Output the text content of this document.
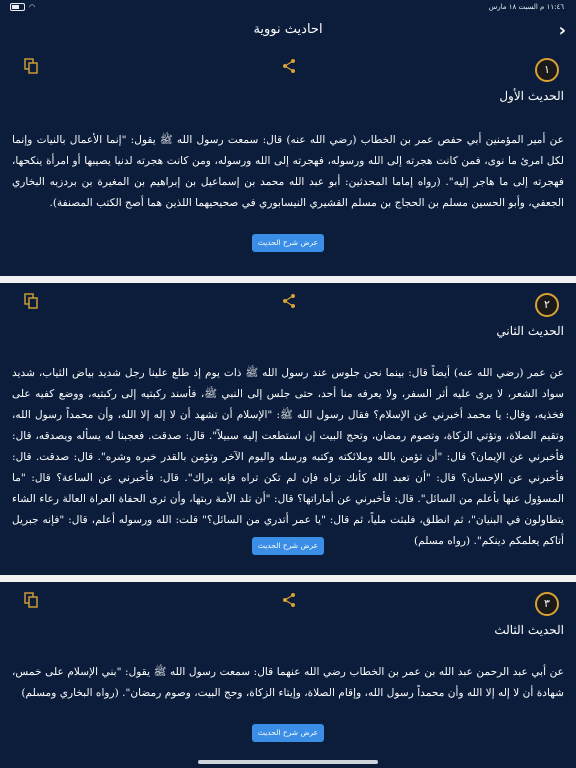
◠	١١:٤٦ م السبت ١٨ مارس
›
احاديث نووية
١
الحديث الأول
عن أمير المؤمنين أبي حفص عمر بن الخطاب (رضي الله عنه) قال: سمعت رسول الله ﷺ يقول: "إنما الأعمال بالنيات وإنما لكل امرئ ما نوى، فمن كانت هجرته إلى الله ورسوله، فهجرته إلى الله ورسوله، ومن كانت هجرته لدنيا يصيبها أو امرأة ينكحها، فهجرته إلى ما هاجر إليه". (رواه إماما المحدثين: أبو عبد الله محمد بن إسماعيل بن إبراهيم بن المغيرة بن بردزبه البخاري الجعفي، وأبو الحسين مسلم بن الحجاج بن مسلم القشيري النيسابوري في صحيحيهما اللذين هما أصح الكتب المصنفة).
عرض شرح الحديث
٢
الحديث الثاني
عن عمر (رضي الله عنه) أيضاً قال: بينما نحن جلوس عند رسول الله ﷺ ذات يوم إذ طلع علينا رجل شديد بياض الثياب، شديد سواد الشعر، لا يرى عليه أثر السفر، ولا يعرفه منا أحد، حتى جلس إلى النبي ﷺ، فأسند ركبتيه إلى ركبتيه، ووضع كفيه على فخذيه، وقال: يا محمد أخبرني عن الإسلام؟ فقال رسول الله ﷺ: "الإسلام أن تشهد أن لا إله إلا الله، وأن محمداً رسول الله، وتقيم الصلاة، وتؤتي الزكاة، وتصوم رمضان، وتحج البيت إن استطعت إليه سبيلاً". قال: صدقت. فعجبنا له يسأله ويصدقه، قال: فأخبرني عن الإيمان؟ قال: "أن تؤمن بالله وملائكته وكتبه ورسله واليوم الآخر وتؤمن بالقدر خيره وشره". قال: صدقت. قال: فأخبرني عن الإحسان؟ قال: "أن تعبد الله كأنك تراه فإن لم تكن تراه فإنه يراك". قال: فأخبرني عن الساعة؟ قال: "ما المسؤول عنها بأعلم من السائل". قال: فأخبرني عن أماراتها؟ قال: "أن تلد الأمة ربتها، وأن ترى الحفاة العراة العالة رعاء الشاء يتطاولون في البنيان"، ثم انطلق، فلبثت ملياً، ثم قال: "يا عمر أتدري من السائل؟" قلت: الله ورسوله أعلم، قال: "فإنه جبريل أتاكم يعلمكم دينكم". (رواه مسلم)
عرض شرح الحديث
٣
الحديث الثالث
عن أبي عبد الرحمن عبد الله بن عمر بن الخطاب رضي الله عنهما قال: سمعت رسول الله ﷺ يقول: "بني الإسلام على خمس، شهادة أن لا إله إلا الله وأن محمداً رسول الله، وإقام الصلاة، وإيتاء الزكاة، وحج البيت، وصوم رمضان". (رواه البخاري ومسلم)
عرض شرح الحديث
